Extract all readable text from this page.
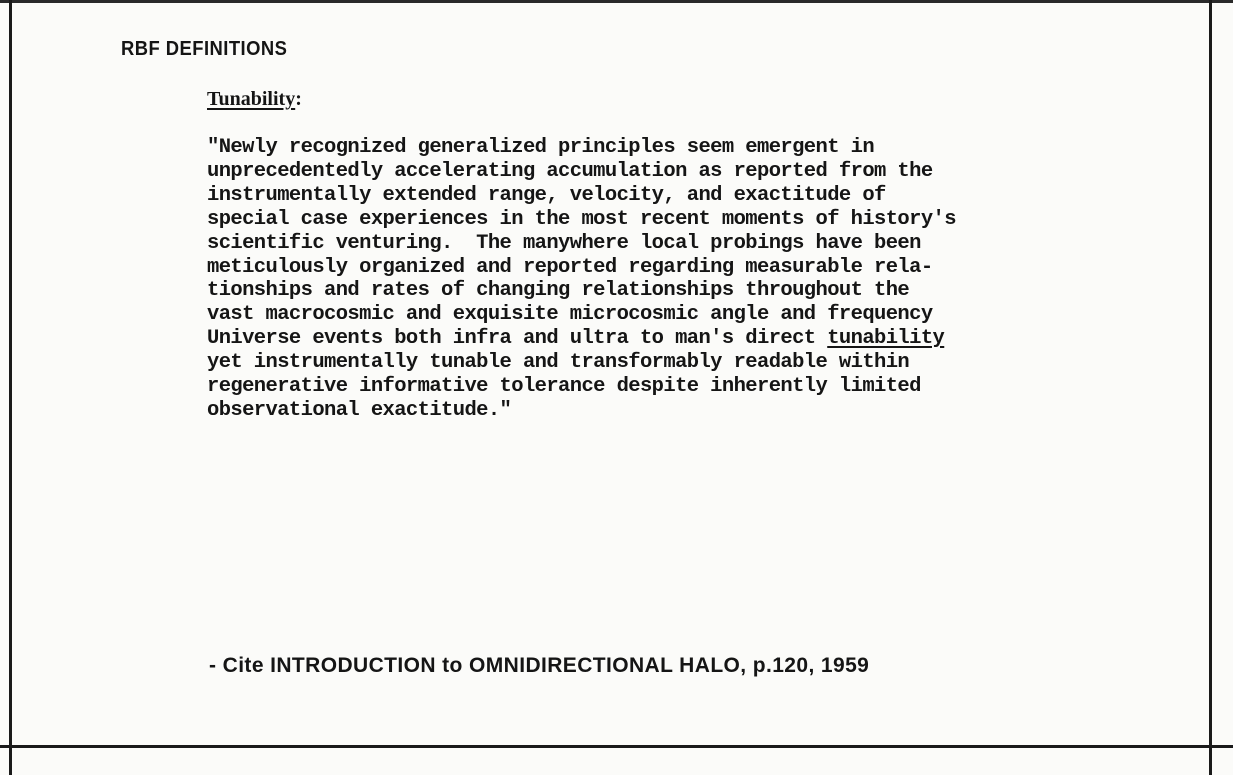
RBF DEFINITIONS
Tunability:
"Newly recognized generalized principles seem emergent in
unprecedentedly accelerating accumulation as reported from the
instrumentally extended range, velocity, and exactitude of
special case experiences in the most recent moments of history's
scientific venturing.  The manywhere local probings have been
meticulously organized and reported regarding measurable rela-
tionships and rates of changing relationships throughout the
vast macrocosmic and exquisite microcosmic angle and frequency
Universe events both infra and ultra to man's direct tunability
yet instrumentally tunable and transformably readable within
regenerative informative tolerance despite inherently limited
observational exactitude."
- Cite INTRODUCTION to OMNIDIRECTIONAL HALO, p.120, 1959
